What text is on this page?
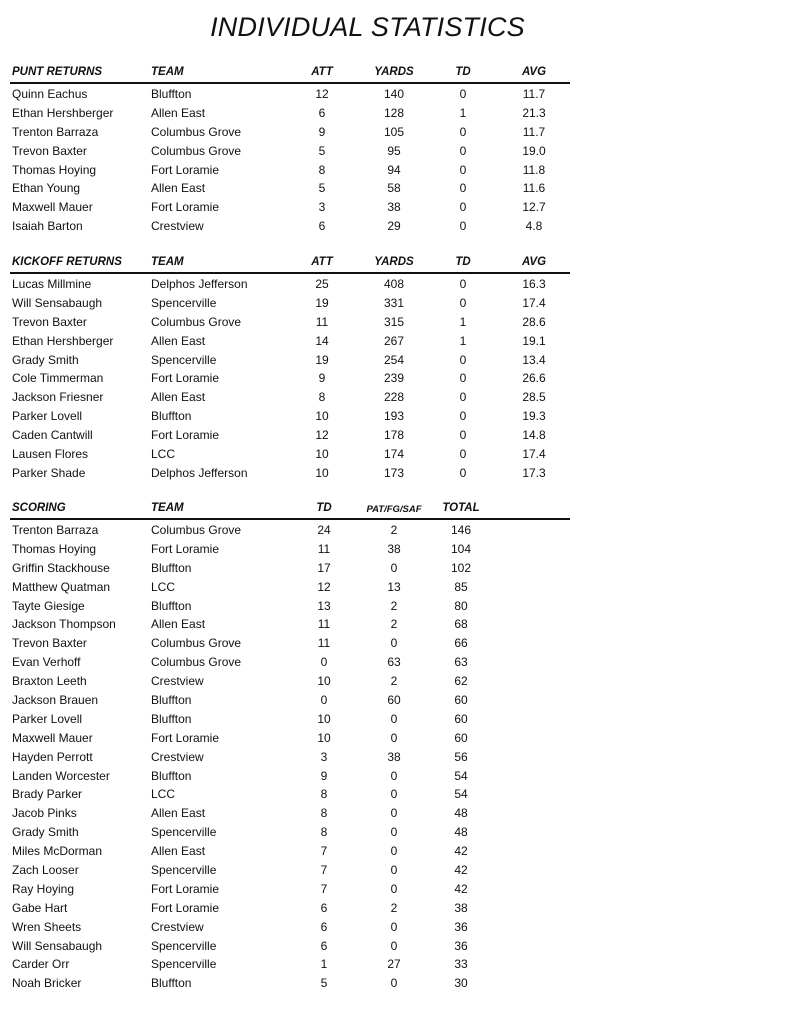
INDIVIDUAL STATISTICS
PUNT RETURNS	TEAM	ATT	YARDS	TD	AVG
Quinn Eachus	Bluffton	12	140	0	11.7
Ethan Hershberger	Allen East	6	128	1	21.3
Trenton Barraza	Columbus Grove	9	105	0	11.7
Trevon Baxter	Columbus Grove	5	95	0	19.0
Thomas Hoying	Fort Loramie	8	94	0	11.8
Ethan Young	Allen East	5	58	0	11.6
Maxwell Mauer	Fort Loramie	3	38	0	12.7
Isaiah Barton	Crestview	6	29	0	4.8
KICKOFF RETURNS	TEAM	ATT	YARDS	TD	AVG
Lucas Millmine	Delphos Jefferson	25	408	0	16.3
Will Sensabaugh	Spencerville	19	331	0	17.4
Trevon Baxter	Columbus Grove	11	315	1	28.6
Ethan Hershberger	Allen East	14	267	1	19.1
Grady Smith	Spencerville	19	254	0	13.4
Cole Timmerman	Fort Loramie	9	239	0	26.6
Jackson Friesner	Allen East	8	228	0	28.5
Parker Lovell	Bluffton	10	193	0	19.3
Caden Cantwill	Fort Loramie	12	178	0	14.8
Lausen Flores	LCC	10	174	0	17.4
Parker Shade	Delphos Jefferson	10	173	0	17.3
SCORING	TEAM	TD	PAT/FG/SAF TOTAL
Trenton Barraza	Columbus Grove	24	2	146
Thomas Hoying	Fort Loramie	11	38	104
Griffin Stackhouse	Bluffton	17	0	102
Matthew Quatman	LCC	12	13	85
Tayte Giesige	Bluffton	13	2	80
Jackson Thompson	Allen East	11	2	68
Trevon Baxter	Columbus Grove	11	0	66
Evan Verhoff	Columbus Grove	0	63	63
Braxton Leeth	Crestview	10	2	62
Jackson Brauen	Bluffton	0	60	60
Parker Lovell	Bluffton	10	0	60
Maxwell Mauer	Fort Loramie	10	0	60
Hayden Perrott	Crestview	3	38	56
Landen Worcester	Bluffton	9	0	54
Brady Parker	LCC	8	0	54
Jacob Pinks	Allen East	8	0	48
Grady Smith	Spencerville	8	0	48
Miles McDorman	Allen East	7	0	42
Zach Looser	Spencerville	7	0	42
Ray Hoying	Fort Loramie	7	0	42
Gabe Hart	Fort Loramie	6	2	38
Wren Sheets	Crestview	6	0	36
Will Sensabaugh	Spencerville	6	0	36
Carder Orr	Spencerville	1	27	33
Noah Bricker	Bluffton	5	0	30
